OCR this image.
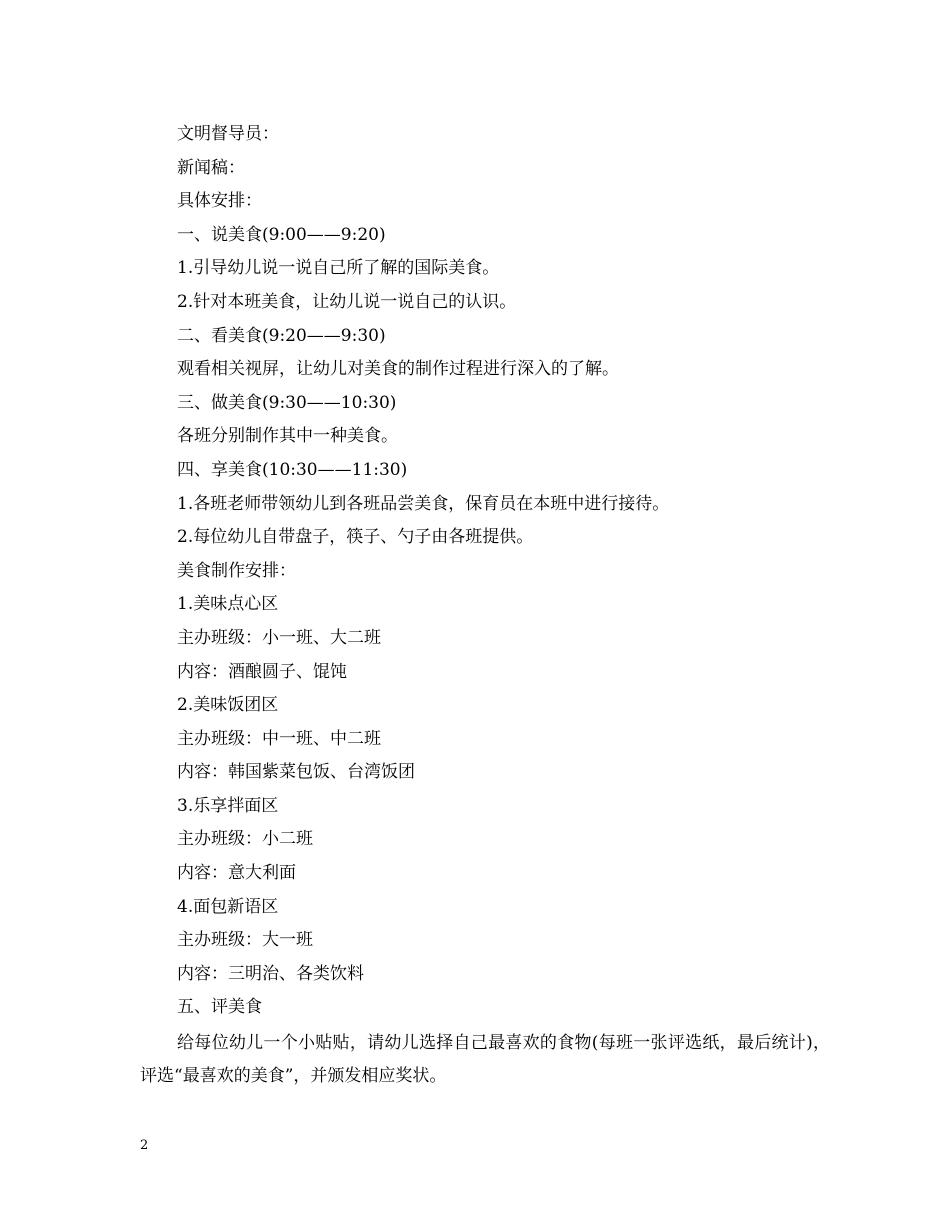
文明督导员：
新闻稿：
具体安排：
一、说美食(9:00——9:20)
1.引导幼儿说一说自己所了解的国际美食。
2.针对本班美食，让幼儿说一说自己的认识。
二、看美食(9:20——9:30)
观看相关视屏，让幼儿对美食的制作过程进行深入的了解。
三、做美食(9:30——10:30)
各班分别制作其中一种美食。
四、享美食(10:30——11:30)
1.各班老师带领幼儿到各班品尝美食，保育员在本班中进行接待。
2.每位幼儿自带盘子，筷子、勺子由各班提供。
美食制作安排：
1.美味点心区
主办班级：小一班、大二班
内容：酒酿圆子、馄饨
2.美味饭团区
主办班级：中一班、中二班
内容：韩国紫菜包饭、台湾饭团
3.乐享拌面区
主办班级：小二班
内容：意大利面
4.面包新语区
主办班级：大一班
内容：三明治、各类饮料
五、评美食
给每位幼儿一个小贴贴，请幼儿选择自己最喜欢的食物(每班一张评选纸，最后统计)，评选“最喜欢的美食”，并颁发相应奖状。
2
